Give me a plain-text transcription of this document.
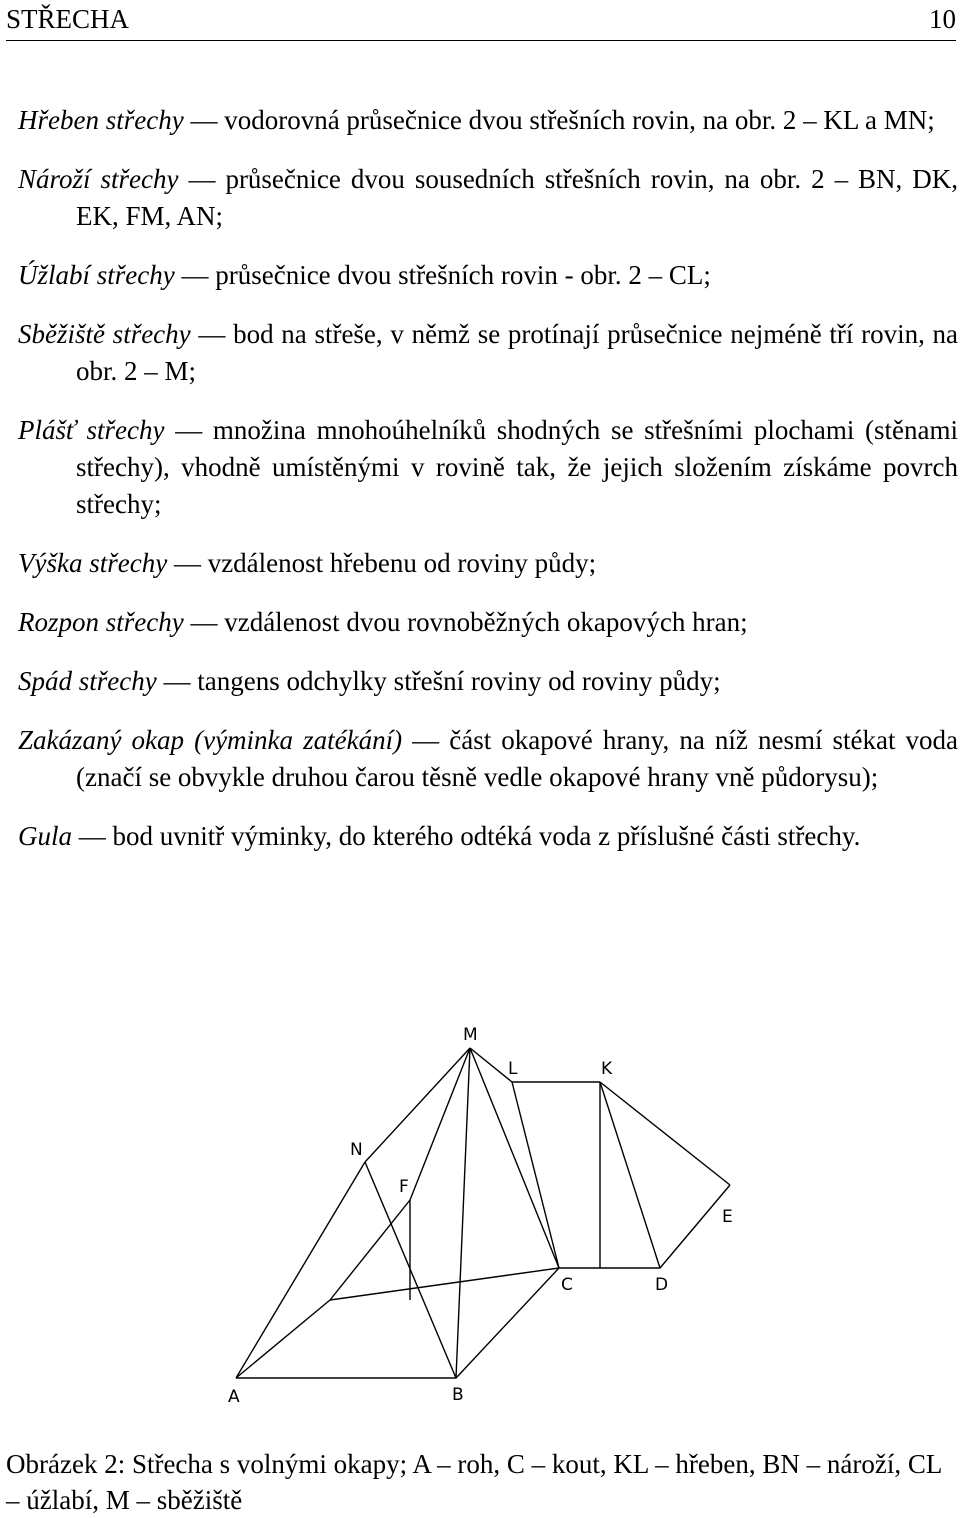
STŘECHA	10

Hřeben střechy — vodorovná průsečnice dvou střešních rovin, na obr. 2 – KL a MN;

Nároží střechy — průsečnice dvou sousedních střešních rovin, na obr. 2 – BN, DK, EK, FM, AN;

Úžlabí střechy — průsečnice dvou střešních rovin - obr. 2 – CL;

Sběžiště střechy — bod na střeše, v němž se protínají průsečnice nejméně tří rovin, na obr. 2 – M;

Plášť střechy — množina mnohoúhelníků shodných se střešními plochami (stěnami střechy), vhodně umístěnými v rovině tak, že jejich složením získáme povrch střechy;

Výška střechy — vzdálenost hřebenu od roviny půdy;

Rozpon střechy — vzdálenost dvou rovnoběžných okapových hran;

Spád střechy — tangens odchylky střešní roviny od roviny půdy;

Zakázaný okap (výminka zatékání) — část okapové hrany, na níž nesmí stékat voda (značí se obvykle druhou čarou těsně vedle okapové hrany vně půdorysu);

Gula — bod uvnitř výminky, do kterého odtéká voda z příslušné části střechy.

M
L	K
N
F
E
C	D
A	B
Obrázek 2: Střecha s volnými okapy; A – roh, C – kout, KL – hřeben, BN – nároží, CL – úžlabí, M – sběžiště
